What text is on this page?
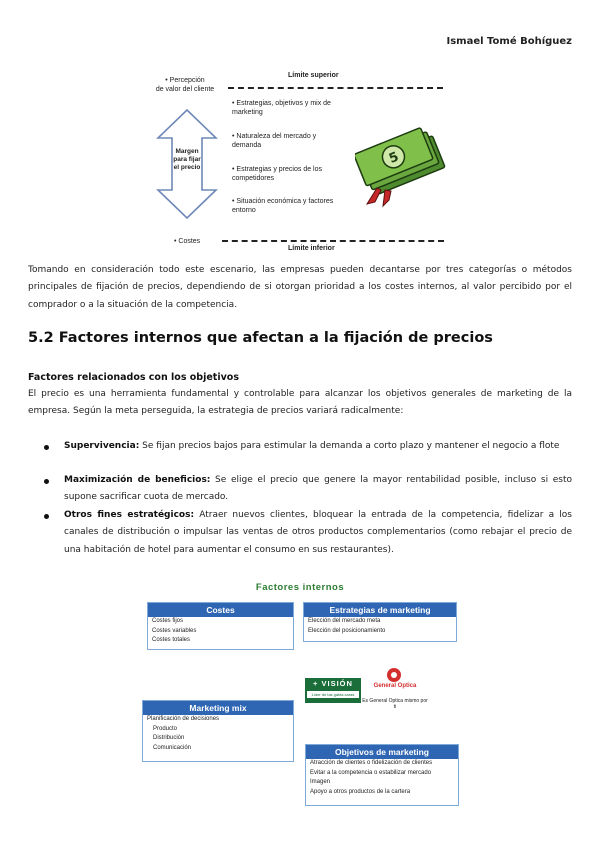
Ismael Tomé Bohíguez
• Percepción
de valor del cliente
Límite superior
Margen para fijar el precio
• Estrategias, objetivos y mix de marketing
• Naturaleza del mercado y demanda
• Estrategias y precios de los competidores
• Situación económica y factores entorno
5
• Costes
Límite inferior

Tomando en consideración todo este escenario, las empresas pueden decantarse por tres categorías o métodos principales de fijación de precios, dependiendo de si otorgan prioridad a los costes internos, al valor percibido por el comprador o a la situación de la competencia.

5.2 Factores internos que afectan a la fijación de precios
Factores relacionados con los objetivos

El precio es una herramienta fundamental y controlable para alcanzar los objetivos generales de marketing de la empresa. Según la meta perseguida, la estrategia de precios variará radicalmente:

Supervivencia: Se fijan precios bajos para estimular la demanda a corto plazo y mantener el negocio a flote
Maximización de beneficios: Se elige el precio que genere la mayor rentabilidad posible, incluso si esto supone sacrificar cuota de mercado.
Otros fines estratégicos: Atraer nuevos clientes, bloquear la entrada de la competencia, fidelizar a los canales de distribución o impulsar las ventas de otros productos complementarios (como rebajar el precio de una habitación de hotel para aumentar el consumo en sus restaurantes).
Factores internos
Costes
Costes fijos
Costes variables
Costes totales
Estrategias de marketing
Elección del mercado meta
Elección del posicionamiento
+ VISIÓN
Líder de las gafas caras
General Optica
Es General Optica mismo por ti
Marketing mix
Planificación de decisiones
Producto
Distribución
Comunicación	Objetivos de marketing
Atracción de clientes o fidelización de clientes
Evitar a la competencia o estabilizar mercado
Imagen
Apoyo a otros productos de la cartera
